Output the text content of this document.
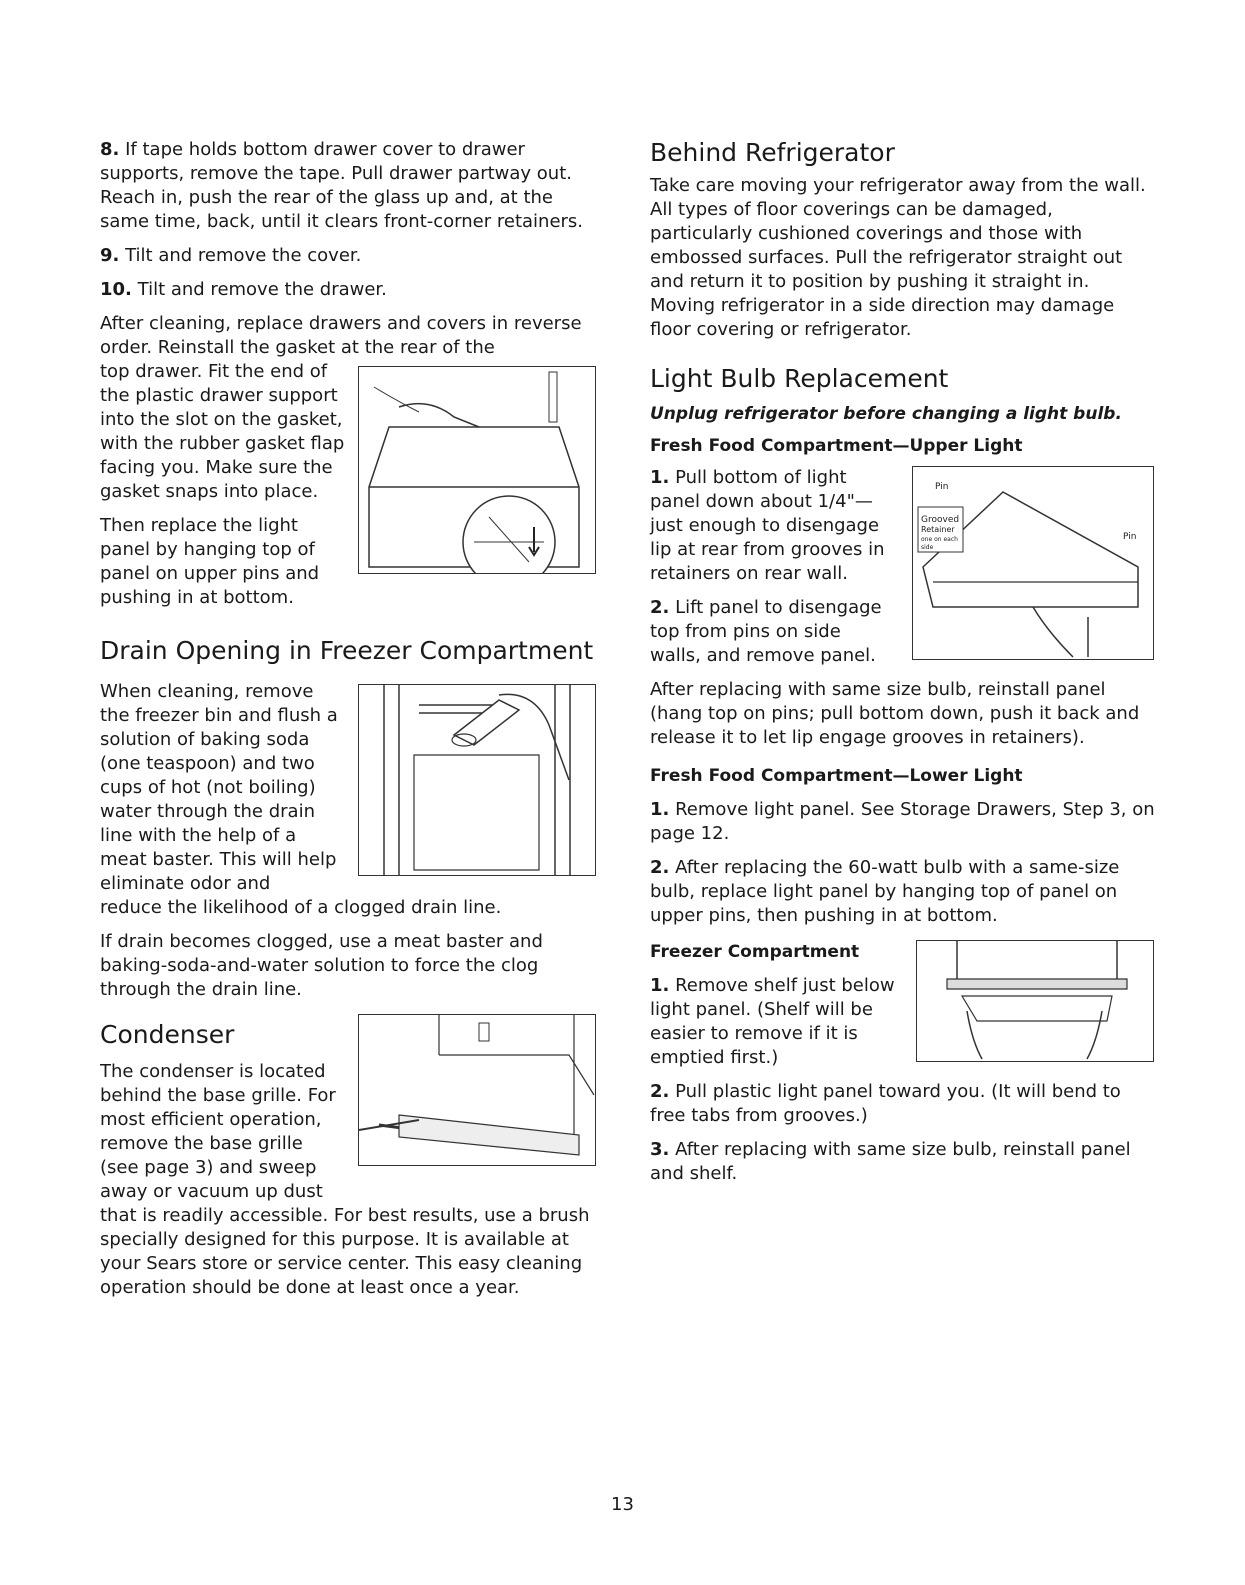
8. If tape holds bottom drawer cover to drawer supports, remove the tape. Pull drawer partway out. Reach in, push the rear of the glass up and, at the same time, back, until it clears front-corner retainers.

9. Tilt and remove the cover.

10. Tilt and remove the drawer.

After cleaning, replace drawers and covers in reverse order. Reinstall the gasket at the rear of the

top drawer. Fit the end of the plastic drawer support into the slot on the gasket, with the rubber gasket flap facing you. Make sure the gasket snaps into place.

Then replace the light panel by hanging top of panel on upper pins and pushing in at bottom.

Drain Opening in Freezer Compartment

When cleaning, remove the freezer bin and flush a solution of baking soda (one teaspoon) and two cups of hot (not boiling) water through the drain line with the help of a meat baster. This will help eliminate odor and

reduce the likelihood of a clogged drain line.

If drain becomes clogged, use a meat baster and baking-soda-and-water solution to force the clog through the drain line.

Condenser

The condenser is located behind the base grille. For most efficient operation, remove the base grille (see page 3) and sweep away or vacuum up dust

that is readily accessible. For best results, use a brush specially designed for this purpose. It is available at your Sears store or service center. This easy cleaning operation should be done at least once a year.

Behind Refrigerator

Take care moving your refrigerator away from the wall. All types of floor coverings can be damaged, particularly cushioned coverings and those with embossed surfaces. Pull the refrigerator straight out and return it to position by pushing it straight in. Moving refrigerator in a side direction may damage floor covering or refrigerator.

Light Bulb Replacement

Unplug refrigerator before changing a light bulb.

Fresh Food Compartment—Upper Light
Pin
Grooved
Retainer
one on each
side
Pin

1. Pull bottom of light panel down about 1/4"—just enough to disengage lip at rear from grooves in retainers on rear wall.

2. Lift panel to disengage top from pins on side walls, and remove panel.

After replacing with same size bulb, reinstall panel (hang top on pins; pull bottom down, push it back and release it to let lip engage grooves in retainers).

Fresh Food Compartment—Lower Light

1. Remove light panel. See Storage Drawers, Step 3, on page 12.

2. After replacing the 60-watt bulb with a same-size bulb, replace light panel by hanging top of panel on upper pins, then pushing in at bottom.

Freezer Compartment

1. Remove shelf just below light panel. (Shelf will be easier to remove if it is emptied first.)

2. Pull plastic light panel toward you. (It will bend to free tabs from grooves.)

3. After replacing with same size bulb, reinstall panel and shelf.

13
